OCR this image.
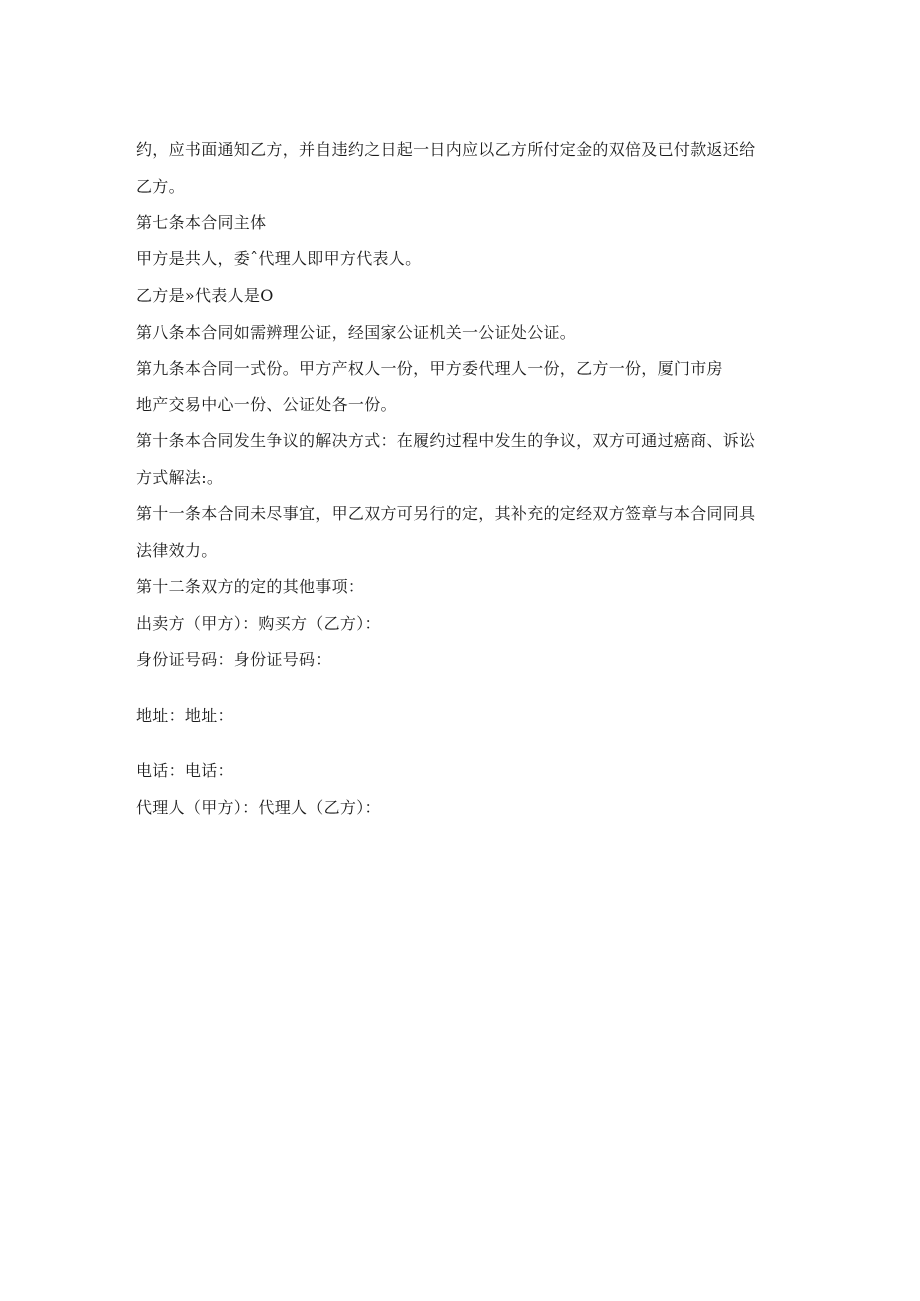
约，应书面通知乙方，并自违约之日起一日内应以乙方所付定金的双倍及已付款返还给
乙方。
第七条本合同主体
甲方是共人，委ˆ代理人即甲方代表人。
乙方是»代表人是O
第八条本合同如需辨理公证，经国家公证机关一公证处公证。
第九条本合同一式份。甲方产权人一份，甲方委代理人一份，乙方一份，厦门市房
地产交易中心一份、公证处各一份。
第十条本合同发生争议的解决方式：在履约过程中发生的争议，双方可通过癌商、诉讼
方式解法:。
第十一条本合同未尽事宜，甲乙双方可另行的定，其补充的定经双方签章与本合同同具
法律效力。
第十二条双方的定的其他事项：
出卖方（甲方）：购买方（乙方）：
身份证号码：身份证号码：
地址：地址：
电话：电话：
代理人（甲方）：代理人（乙方）：
